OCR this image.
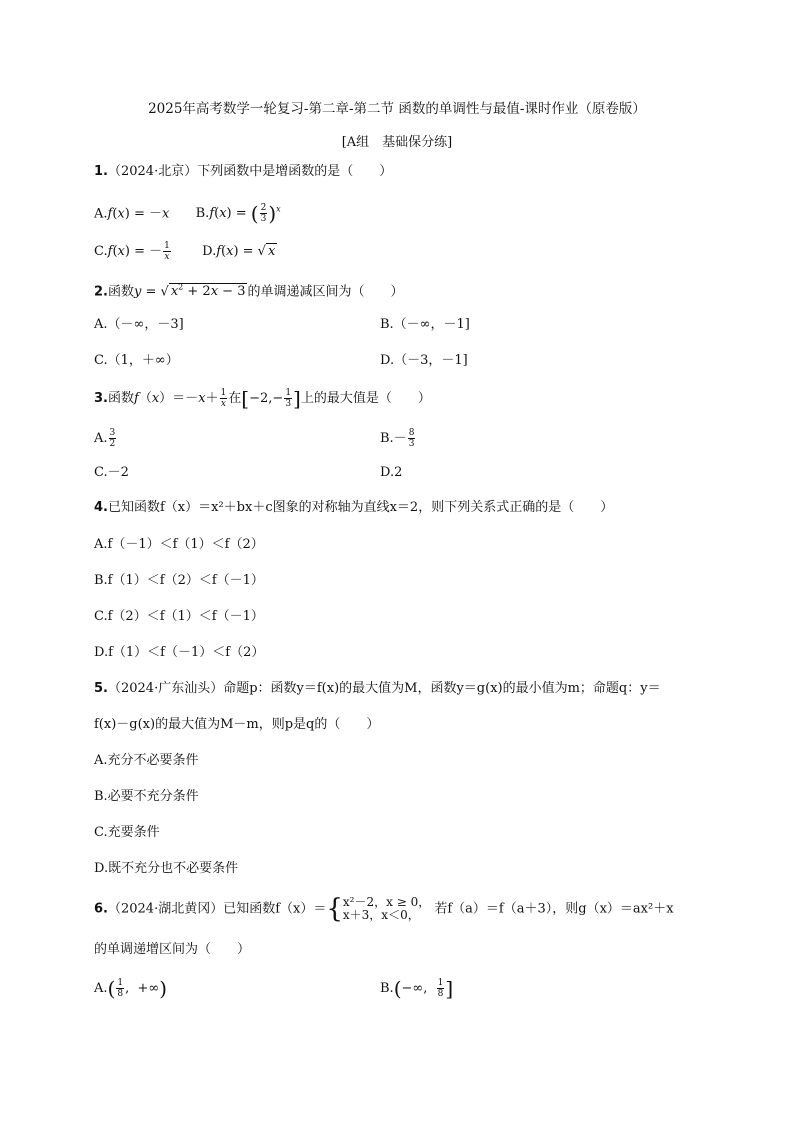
2025年高考数学一轮复习-第二章-第二节 函数的单调性与最值-课时作业（原卷版）
[A组　基础保分练]
1.（2024·北京）下列函数中是增函数的是（　　）
A.f(x) = －x B.f(x) = ( $\frac{2}{3} )^x$
C.f(x) = － $\frac{1}{x} D.f(x)$ = √ x
2.函数y = √ $x^2 + 2x - 3$ 的单调递减区间为（　　）
A.（－∞，－3]	B.（－∞，－1]
C.（1，＋∞）	D.（－3，－1]
3.函数$f(x)=-x+ \frac{1}{x}$ 在[$-2,- \frac{1}{3}$ ]上的最大值是（　　）
A. $\frac{3}{2}$	$B.- \frac{8}{3}$
C.－2	D.2
4.已知函数f（x）＝x²＋bx＋c图象的对称轴为直线x＝2，则下列关系式正确的是（　　）
A.f（－1）＜f（1）＜f（2）
B.f（1）＜f（2）＜f（－1）
C.f（2）＜f（1）＜f（－1）
D.f（1）＜f（－1）＜f（2）
5.（2024·广东汕头）命题p：函数y＝f(x)的最大值为M，函数y＝g(x)的最小值为m；命题q：y＝
f(x)－g(x)的最大值为M－m，则p是q的（　　）
A.充分不必要条件
B.必要不充分条件
C.充要条件
D.既不充分也不必要条件
6.（2024·湖北黄冈）已知函数f（x）＝{ x²－2，x ≥ 0，
x＋3，x＜0，	若f（a）＝f（a＋3），则g（x）＝ax²＋x
的单调递增区间为（　　）
$A.( \frac{1}{8}$ ,  +∞)	B.(−∞, $\frac{1}{8}$ ]
